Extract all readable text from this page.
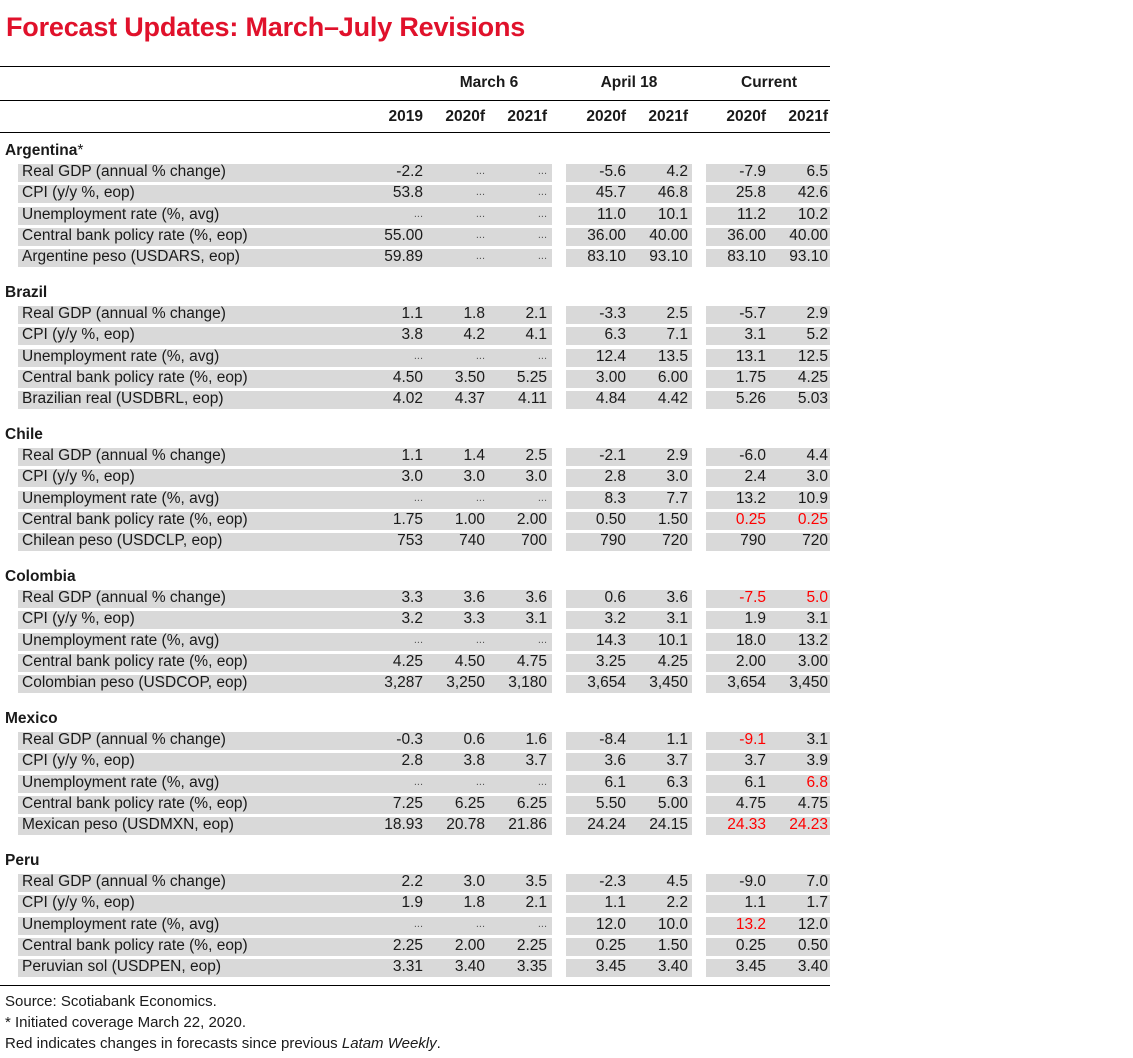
Forecast Updates: March–July Revisions
March 6	April 18	Current
2019	2020f	2021f	2020f	2021f	2020f	2021f
Argentina*
Real GDP (annual % change)	-2.2	...	...	-5.6	4.2	-7.9	6.5
CPI (y/y %, eop)	53.8	...	...	45.7	46.8	25.8	42.6
Unemployment rate (%, avg)	...	...	...	11.0	10.1	11.2	10.2
Central bank policy rate (%, eop)	55.00	...	...	36.00	40.00	36.00	40.00
Argentine peso (USDARS, eop)	59.89	...	...	83.10	93.10	83.10	93.10
Brazil
Real GDP (annual % change)	1.1	1.8	2.1	-3.3	2.5	-5.7	2.9
CPI (y/y %, eop)	3.8	4.2	4.1	6.3	7.1	3.1	5.2
Unemployment rate (%, avg)	...	...	...	12.4	13.5	13.1	12.5
Central bank policy rate (%, eop)	4.50	3.50	5.25	3.00	6.00	1.75	4.25
Brazilian real (USDBRL, eop)	4.02	4.37	4.11	4.84	4.42	5.26	5.03
Chile
Real GDP (annual % change)	1.1	1.4	2.5	-2.1	2.9	-6.0	4.4
CPI (y/y %, eop)	3.0	3.0	3.0	2.8	3.0	2.4	3.0
Unemployment rate (%, avg)	...	...	...	8.3	7.7	13.2	10.9
Central bank policy rate (%, eop)	1.75	1.00	2.00	0.50	1.50	0.25	0.25
Chilean peso (USDCLP, eop)	753	740	700	790	720	790	720
Colombia
Real GDP (annual % change)	3.3	3.6	3.6	0.6	3.6	-7.5	5.0
CPI (y/y %, eop)	3.2	3.3	3.1	3.2	3.1	1.9	3.1
Unemployment rate (%, avg)	...	...	...	14.3	10.1	18.0	13.2
Central bank policy rate (%, eop)	4.25	4.50	4.75	3.25	4.25	2.00	3.00
Colombian peso (USDCOP, eop)	3,287	3,250	3,180	3,654	3,450	3,654	3,450
Mexico
Real GDP (annual % change)	-0.3	0.6	1.6	-8.4	1.1	-9.1	3.1
CPI (y/y %, eop)	2.8	3.8	3.7	3.6	3.7	3.7	3.9
Unemployment rate (%, avg)	...	...	...	6.1	6.3	6.1	6.8
Central bank policy rate (%, eop)	7.25	6.25	6.25	5.50	5.00	4.75	4.75
Mexican peso (USDMXN, eop)	18.93	20.78	21.86	24.24	24.15	24.33	24.23
Peru
Real GDP (annual % change)	2.2	3.0	3.5	-2.3	4.5	-9.0	7.0
CPI (y/y %, eop)	1.9	1.8	2.1	1.1	2.2	1.1	1.7
Unemployment rate (%, avg)	...	...	...	12.0	10.0	13.2	12.0
Central bank policy rate (%, eop)	2.25	2.00	2.25	0.25	1.50	0.25	0.50
Peruvian sol (USDPEN, eop)	3.31	3.40	3.35	3.45	3.40	3.45	3.40
Source: Scotiabank Economics.
* Initiated coverage March 22, 2020.
Red indicates changes in forecasts since previous Latam Weekly.
